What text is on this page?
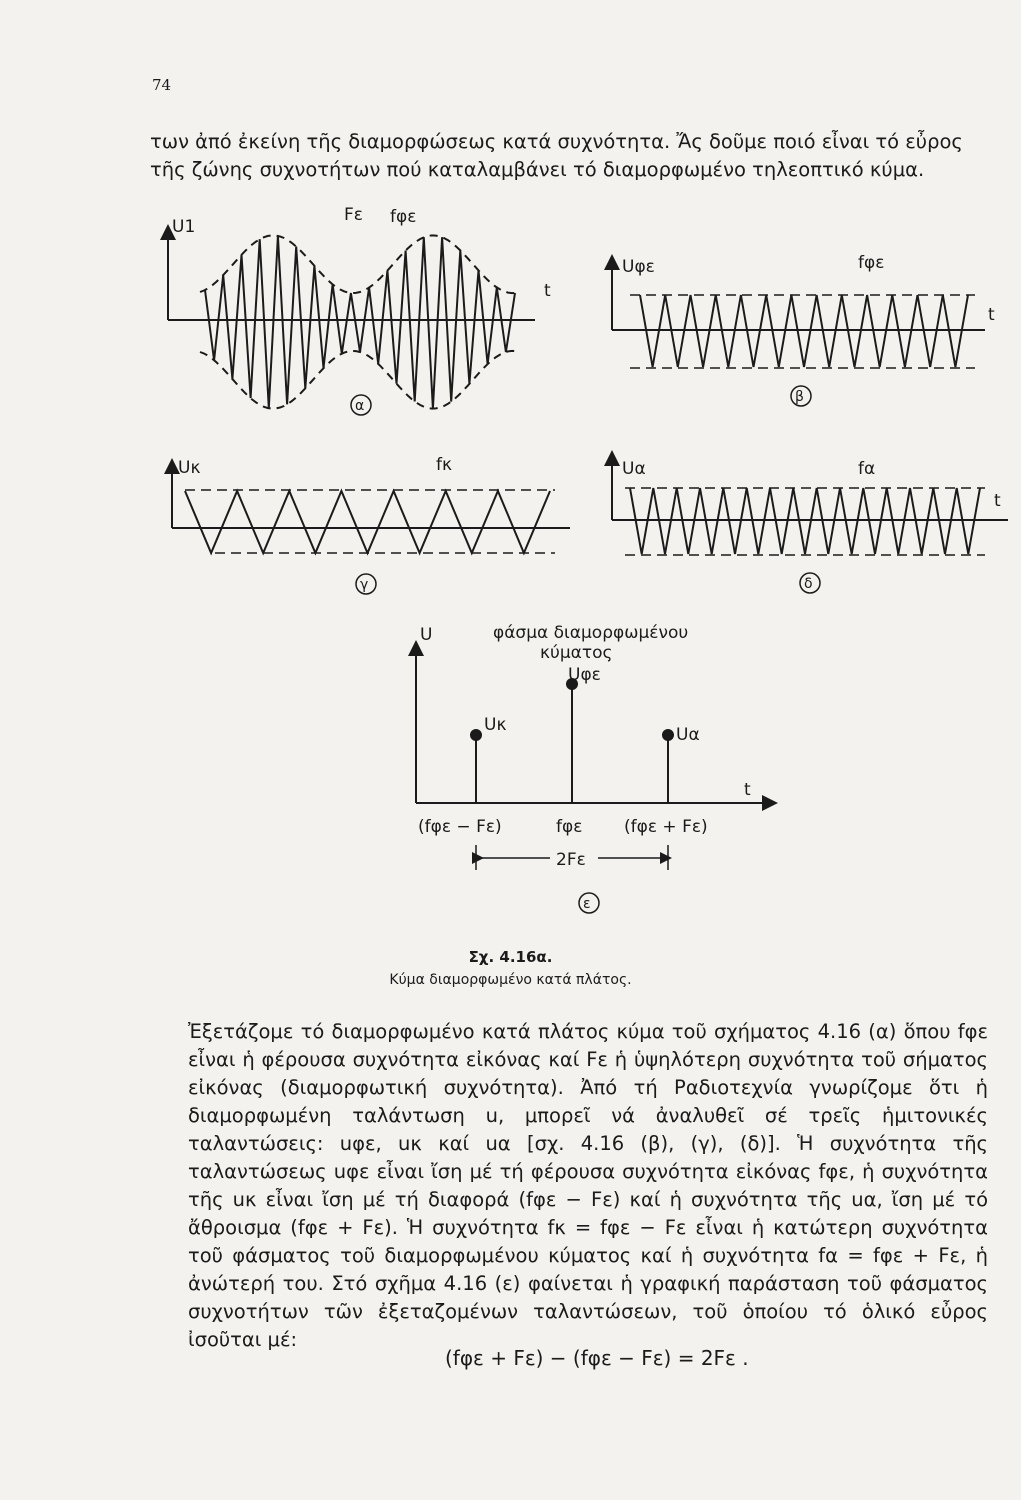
74

των ἀπό ἐκείνη τῆς διαμορφώσεως κατά συχνότητα. Ἄς δοῦμε ποιό εἶναι τό εὖρος τῆς ζώνης συχνοτήτων πού καταλαμβάνει τό διαμορφωμένο τηλεοπτικό κύμα.

U1
Fε fφε
t
α
Uφε	fφε
t
β
Uκ	fκ
γ
Uα	fα
t
δ
U	φάσμα διαμορφωμένου
κύματος
Uφε
Uκ	Uα
t
(fφε − Fε)	fφε (fφε + Fε)
2Fε
ε
Σχ. 4.16α.
Κύμα διαμορφωμένο κατά πλάτος.

Ἐξετάζομε τό διαμορφωμένο κατά πλάτος κύμα τοῦ σχήματος 4.16 (α) ὅπου fφε εἶναι ἡ φέρουσα συχνότητα εἰκόνας καί Fε ἡ ὑψηλότερη συχνότητα τοῦ σήματος εἰκόνας (διαμορφωτική συχνότητα). Ἀπό τή Ραδιοτεχνία γνωρίζομε ὅτι ἡ διαμορφωμένη ταλάντωση u, μπορεῖ νά ἀναλυθεῖ σέ τρεῖς ἡμιτονικές ταλαντώσεις: uφε, uκ καί uα [σχ. 4.16 (β), (γ), (δ)]. Ἡ συχνότητα τῆς ταλαντώσεως uφε εἶναι ἴση μέ τή φέρουσα συχνότητα εἰκόνας fφε, ἡ συχνότητα τῆς uκ εἶναι ἴση μέ τή διαφορά (fφε − Fε) καί ἡ συχνότητα τῆς uα, ἴση μέ τό ἄθροισμα (fφε + Fε). Ἡ συχνότητα fκ = fφε − Fε εἶναι ἡ κατώτερη συχνότητα τοῦ φάσματος τοῦ διαμορφωμένου κύματος καί ἡ συχνότητα fα = fφε + Fε, ἡ ἀνώτερή του. Στό σχῆμα 4.16 (ε) φαίνεται ἡ γραφική παράσταση τοῦ φάσματος συχνοτήτων τῶν ἐξεταζομένων ταλαντώσεων, τοῦ ὁποίου τό ὁλικό εὖρος ἰσοῦται μέ:

(fφε + Fε) − (fφε − Fε) = 2Fε .
